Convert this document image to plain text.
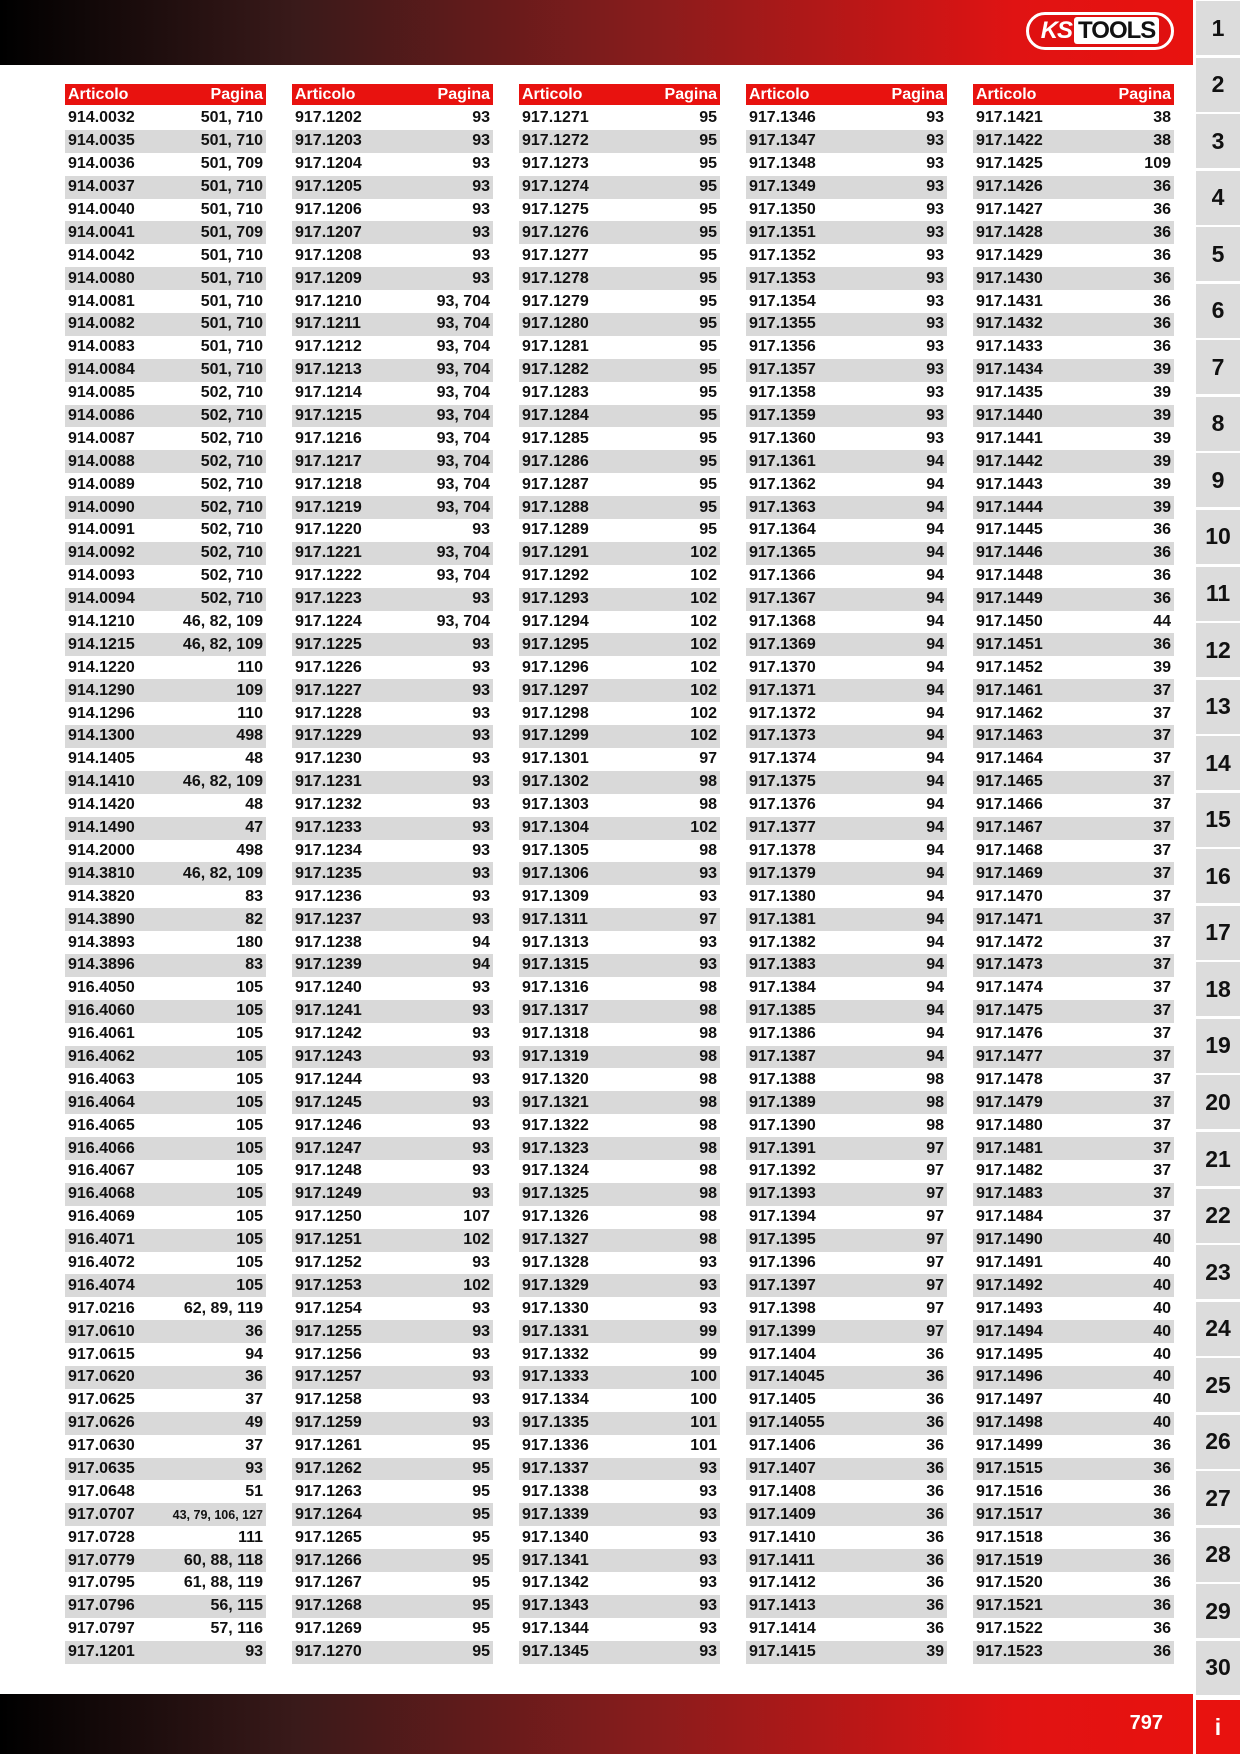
KS TOOLS	1
2
3
4
5
6
7
8
9
10
11
12
13
14
15
16
17
18
19
20
21
22
23
24
25
26
27
28
29
30
i
Articolo	Pagina
914.0032	501, 710
914.0035	501, 710
914.0036	501, 709
914.0037	501, 710
914.0040	501, 710
914.0041	501, 709
914.0042	501, 710
914.0080	501, 710
914.0081	501, 710
914.0082	501, 710
914.0083	501, 710
914.0084	501, 710
914.0085	502, 710
914.0086	502, 710
914.0087	502, 710
914.0088	502, 710
914.0089	502, 710
914.0090	502, 710
914.0091	502, 710
914.0092	502, 710
914.0093	502, 710
914.0094	502, 710
914.1210	46, 82, 109
914.1215	46, 82, 109
914.1220	110
914.1290	109
914.1296	110
914.1300	498
914.1405	48
914.1410	46, 82, 109
914.1420	48
914.1490	47
914.2000	498
914.3810	46, 82, 109
914.3820	83
914.3890	82
914.3893	180
914.3896	83
916.4050	105
916.4060	105
916.4061	105
916.4062	105
916.4063	105
916.4064	105
916.4065	105
916.4066	105
916.4067	105
916.4068	105
916.4069	105
916.4071	105
916.4072	105
916.4074	105
917.0216	62, 89, 119
917.0610	36
917.0615	94
917.0620	36
917.0625	37
917.0626	49
917.0630	37
917.0635	93
917.0648	51
917.0707	43, 79, 106, 127
917.0728	111
917.0779	60, 88, 118
917.0795	61, 88, 119
917.0796	56, 115
917.0797	57, 116
917.1201	93
Articolo	Pagina
917.1202	93
917.1203	93
917.1204	93
917.1205	93
917.1206	93
917.1207	93
917.1208	93
917.1209	93
917.1210	93, 704
917.1211	93, 704
917.1212	93, 704
917.1213	93, 704
917.1214	93, 704
917.1215	93, 704
917.1216	93, 704
917.1217	93, 704
917.1218	93, 704
917.1219	93, 704
917.1220	93
917.1221	93, 704
917.1222	93, 704
917.1223	93
917.1224	93, 704
917.1225	93
917.1226	93
917.1227	93
917.1228	93
917.1229	93
917.1230	93
917.1231	93
917.1232	93
917.1233	93
917.1234	93
917.1235	93
917.1236	93
917.1237	93
917.1238	94
917.1239	94
917.1240	93
917.1241	93
917.1242	93
917.1243	93
917.1244	93
917.1245	93
917.1246	93
917.1247	93
917.1248	93
917.1249	93
917.1250	107
917.1251	102
917.1252	93
917.1253	102
917.1254	93
917.1255	93
917.1256	93
917.1257	93
917.1258	93
917.1259	93
917.1261	95
917.1262	95
917.1263	95
917.1264	95
917.1265	95
917.1266	95
917.1267	95
917.1268	95
917.1269	95
917.1270	95
Articolo	Pagina
917.1271	95
917.1272	95
917.1273	95
917.1274	95
917.1275	95
917.1276	95
917.1277	95
917.1278	95
917.1279	95
917.1280	95
917.1281	95
917.1282	95
917.1283	95
917.1284	95
917.1285	95
917.1286	95
917.1287	95
917.1288	95
917.1289	95
917.1291	102
917.1292	102
917.1293	102
917.1294	102
917.1295	102
917.1296	102
917.1297	102
917.1298	102
917.1299	102
917.1301	97
917.1302	98
917.1303	98
917.1304	102
917.1305	98
917.1306	93
917.1309	93
917.1311	97
917.1313	93
917.1315	93
917.1316	98
917.1317	98
917.1318	98
917.1319	98
917.1320	98
917.1321	98
917.1322	98
917.1323	98
917.1324	98
917.1325	98
917.1326	98
917.1327	98
917.1328	93
917.1329	93
917.1330	93
917.1331	99
917.1332	99
917.1333	100
917.1334	100
917.1335	101
917.1336	101
917.1337	93
917.1338	93
917.1339	93
917.1340	93
917.1341	93
917.1342	93
917.1343	93
917.1344	93
917.1345	93
Articolo	Pagina
917.1346	93
917.1347	93
917.1348	93
917.1349	93
917.1350	93
917.1351	93
917.1352	93
917.1353	93
917.1354	93
917.1355	93
917.1356	93
917.1357	93
917.1358	93
917.1359	93
917.1360	93
917.1361	94
917.1362	94
917.1363	94
917.1364	94
917.1365	94
917.1366	94
917.1367	94
917.1368	94
917.1369	94
917.1370	94
917.1371	94
917.1372	94
917.1373	94
917.1374	94
917.1375	94
917.1376	94
917.1377	94
917.1378	94
917.1379	94
917.1380	94
917.1381	94
917.1382	94
917.1383	94
917.1384	94
917.1385	94
917.1386	94
917.1387	94
917.1388	98
917.1389	98
917.1390	98
917.1391	97
917.1392	97
917.1393	97
917.1394	97
917.1395	97
917.1396	97
917.1397	97
917.1398	97
917.1399	97
917.1404	36
917.14045	36
917.1405	36
917.14055	36
917.1406	36
917.1407	36
917.1408	36
917.1409	36
917.1410	36
917.1411	36
917.1412	36
917.1413	36
917.1414	36
917.1415	39
Articolo	Pagina
917.1421	38
917.1422	38
917.1425	109
917.1426	36
917.1427	36
917.1428	36
917.1429	36
917.1430	36
917.1431	36
917.1432	36
917.1433	36
917.1434	39
917.1435	39
917.1440	39
917.1441	39
917.1442	39
917.1443	39
917.1444	39
917.1445	36
917.1446	36
917.1448	36
917.1449	36
917.1450	44
917.1451	36
917.1452	39
917.1461	37
917.1462	37
917.1463	37
917.1464	37
917.1465	37
917.1466	37
917.1467	37
917.1468	37
917.1469	37
917.1470	37
917.1471	37
917.1472	37
917.1473	37
917.1474	37
917.1475	37
917.1476	37
917.1477	37
917.1478	37
917.1479	37
917.1480	37
917.1481	37
917.1482	37
917.1483	37
917.1484	37
917.1490	40
917.1491	40
917.1492	40
917.1493	40
917.1494	40
917.1495	40
917.1496	40
917.1497	40
917.1498	40
917.1499	36
917.1515	36
917.1516	36
917.1517	36
917.1518	36
917.1519	36
917.1520	36
917.1521	36
917.1522	36
917.1523	36
797
